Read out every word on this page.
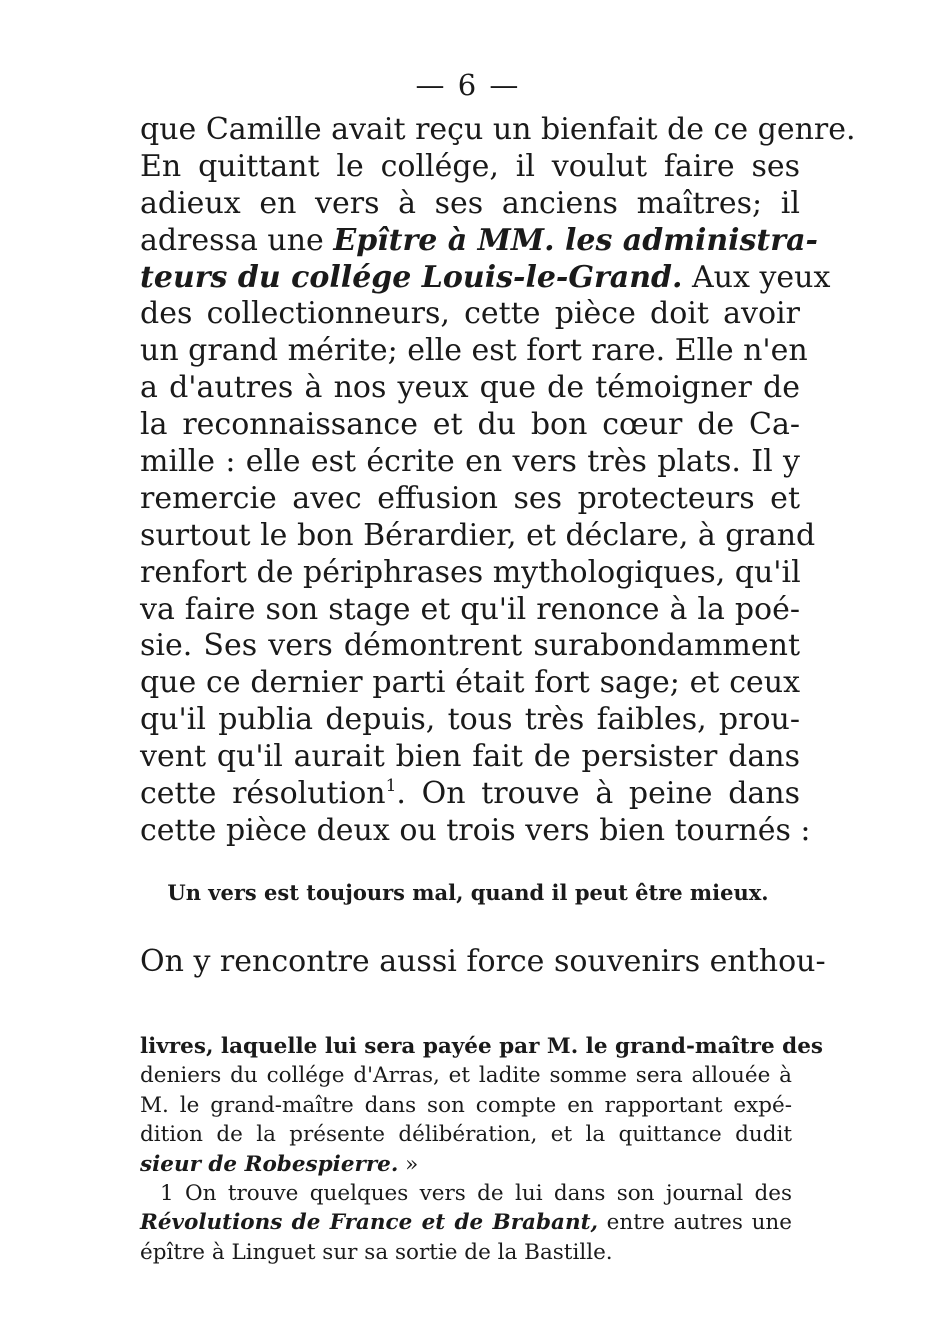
— 6 —
que Camille avait reçu un bienfait de ce genre.
En quittant le collége, il voulut faire ses
adieux en vers à ses anciens maîtres; il
adressa une Epître à MM. les administra-
teurs du collége Louis-le-Grand. Aux yeux
des collectionneurs, cette pièce doit avoir
un grand mérite; elle est fort rare. Elle n'en
a d'autres à nos yeux que de témoigner de
la reconnaissance et du bon cœur de Ca-
mille : elle est écrite en vers très plats. Il y
remercie avec effusion ses protecteurs et
surtout le bon Bérardier, et déclare, à grand
renfort de périphrases mythologiques, qu'il
va faire son stage et qu'il renonce à la poé-
sie. Ses vers démontrent surabondamment
que ce dernier parti était fort sage; et ceux
qu'il publia depuis, tous très faibles, prou-
vent qu'il aurait bien fait de persister dans
cette résolution$^1$. On trouve à peine dans
cette pièce deux ou trois vers bien tournés :
Un vers est toujours mal, quand il peut être mieux.
On y rencontre aussi force souvenirs enthou-
livres, laquelle lui sera payée par M. le grand-maître des
deniers du collége d'Arras, et ladite somme sera allouée à
M. le grand-maître dans son compte en rapportant expé-
dition de la présente délibération, et la quittance dudit
sieur de Robespierre. »
1 On trouve quelques vers de lui dans son journal des
Révolutions de France et de Brabant, entre autres une
épître à Linguet sur sa sortie de la Bastille.
